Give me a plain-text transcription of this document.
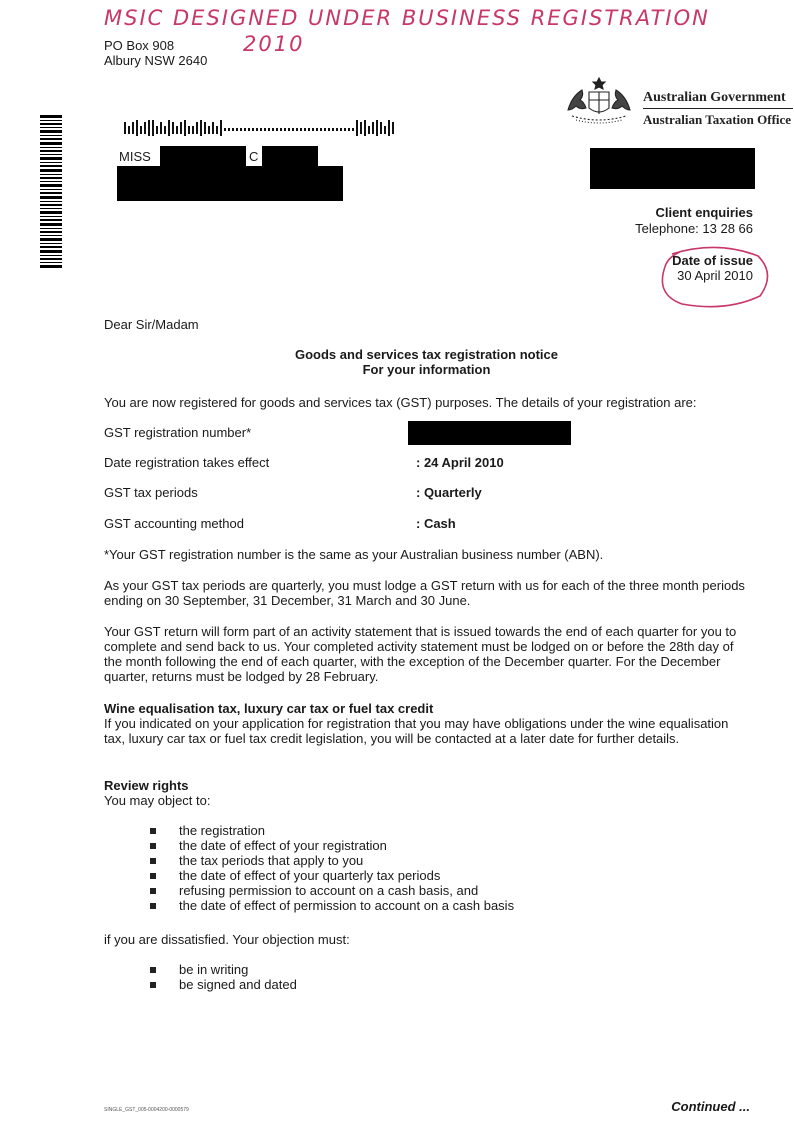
MSIC DESIGNED UNDER BUSINESS REGISTRATION
2010
PO Box 908
Albury NSW 2640
Australian Government
Australian Taxation Office
MISS	C
Client enquiries
Telephone: 13 28 66
Date of issue
30 April 2010
Dear Sir/Madam
Goods and services tax registration notice
For your information
You are now registered for goods and services tax (GST) purposes. The details of your registration are:
GST registration number*
Date registration takes effect	: 24 April 2010
GST tax periods	: Quarterly
GST accounting method	: Cash
*Your GST registration number is the same as your Australian business number (ABN).
As your GST tax periods are quarterly, you must lodge a GST return with us for each of the three month periods ending on 30 September, 31 December, 31 March and 30 June.
Your GST return will form part of an activity statement that is issued towards the end of each quarter for you to complete and send back to us. Your completed activity statement must be lodged on or before the 28th day of the month following the end of each quarter, with the exception of the December quarter. For the December quarter, returns must be lodged by 28 February.
Wine equalisation tax, luxury car tax or fuel tax credit
If you indicated on your application for registration that you may have obligations under the wine equalisation tax, luxury car tax or fuel tax credit legislation, you will be contacted at a later date for further details.
Review rights
You may object to:
the registration
the date of effect of your registration
the tax periods that apply to you
the date of effect of your quarterly tax periods
refusing permission to account on a cash basis, and
the date of effect of permission to account on a cash basis
if you are dissatisfied. Your objection must:
be in writing
be signed and dated
SINGLE_GST_005-0004200-0000579	Continued ...
